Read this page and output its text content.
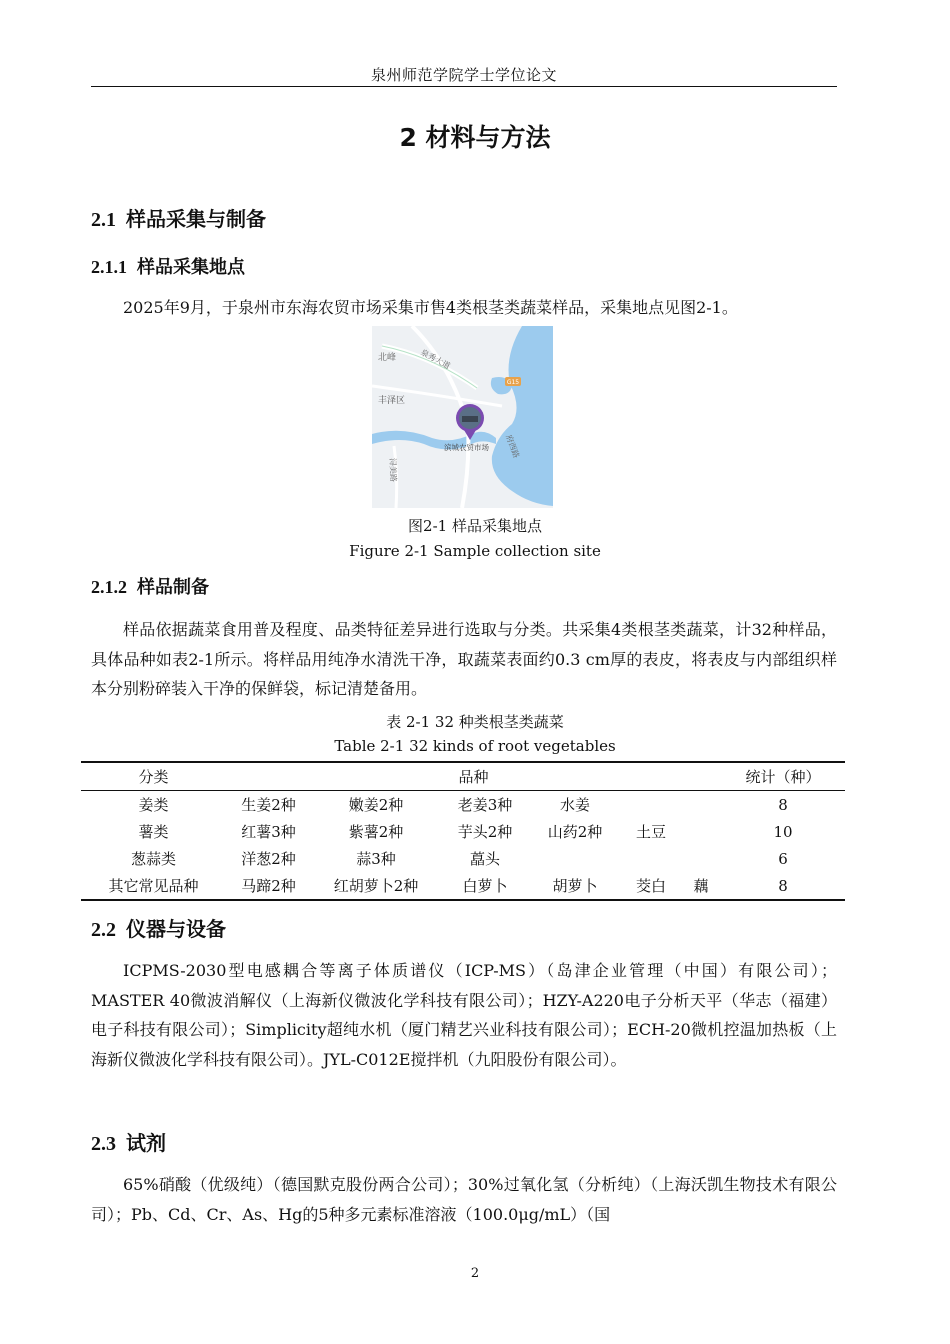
泉州师范学院学士学位论文
2 材料与方法
2.1 样品采集与制备
2.1.1 样品采集地点
2025年9月，于泉州市东海农贸市场采集市售4类根茎类蔬菜样品，采集地点见图2-1。
G15
北峰	泉秀大道
丰泽区
滨城农贸市场 府西路
浔美路
图2-1 样品采集地点
Figure 2-1 Sample collection site
2.1.2 样品制备
样品依据蔬菜食用普及程度、品类特征差异进行选取与分类。共采集4类根茎类蔬菜，计32种样品，具体品种如表2-1所示。将样品用纯净水清洗干净，取蔬菜表面约0.3 cm厚的表皮，将表皮与内部组织样本分别粉碎装入干净的保鲜袋，标记清楚备用。
表 2-1 32 种类根茎类蔬菜
Table 2-1 32 kinds of root vegetables
分类	品种						统计（种）
姜类	生姜2种	嫩姜2种	老姜3种	水姜			8
薯类	红薯3种	紫薯2种	芋头2种	山药2种	土豆		10
葱蒜类	洋葱2种	蒜3种	藠头				6
其它常见品种	马蹄2种	红胡萝卜2种	白萝卜	胡萝卜	茭白	藕	8
2.2 仪器与设备
ICPMS-2030型电感耦合等离子体质谱仪（ICP-MS）（岛津企业管理（中国）有限公司）；MASTER 40微波消解仪（上海新仪微波化学科技有限公司）；HZY-A220电子分析天平（华志（福建）电子科技有限公司）；Simplicity超纯水机（厦门精艺兴业科技有限公司）；ECH-20微机控温加热板（上海新仪微波化学科技有限公司）。JYL-C012E搅拌机（九阳股份有限公司）。
2.3 试剂
65%硝酸（优级纯）（德国默克股份两合公司）；30%过氧化氢（分析纯）（上海沃凯生物技术有限公司）；Pb、Cd、Cr、As、Hg的5种多元素标准溶液（100.0μg/mL）（国
2
